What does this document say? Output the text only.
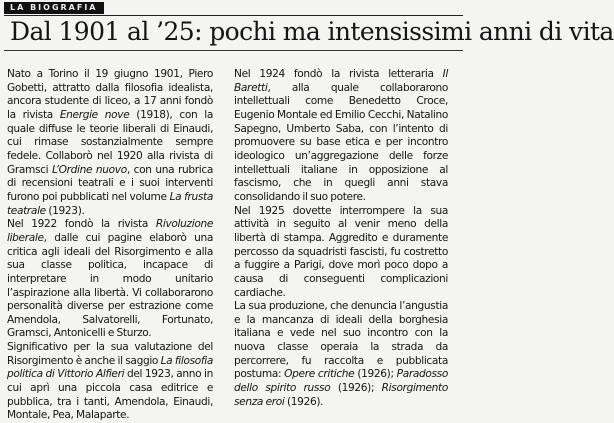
LA BIOGRAFIA
Dal 1901 al ’25: pochi ma intensissimi anni di vita

Nato a Torino il 19 giugno 1901, Piero Gobetti, attratto dalla filosofia idealista, ancora studente di liceo, a 17 anni fondò la rivista Energie nove (1918), con la quale diffuse le teorie liberali di Einaudi, cui rimase sostanzialmente sempre fedele. Collaborò nel 1920 alla rivista di Gramsci L’Ordine nuovo, con una rubrica di recensioni teatrali e i suoi interventi furono poi pubblicati nel volume La frusta teatrale (1923).

Nel 1922 fondò la rivista Rivoluzione liberale, dalle cui pagine elaborò una critica agli ideali del Risorgimento e alla sua classe politica, incapace di interpretare in modo unitario l’aspirazione alla libertà. Vi collaborarono personalità diverse per estrazione come Amendola, Salvatorelli, Fortunato, Gramsci, Antonicelli e Sturzo.

Significativo per la sua valutazione del Risorgimento è anche il saggio La filosofia politica di Vittorio Alfieri del 1923, anno in cui aprì una piccola casa editrice e pubblica, tra i tanti, Amendola, Einaudi, Montale, Pea, Malaparte.

Nel 1924 fondò la rivista letteraria Il Baretti, alla quale collaborarono intellettuali come Benedetto Croce, Eugenio Montale ed Emilio Cecchi, Natalino Sapegno, Umberto Saba, con l’intento di promuovere su base etica e per incontro ideologico un’aggregazione delle forze intellettuali italiane in opposizione al fascismo, che in quegli anni stava consolidando il suo potere.

Nel 1925 dovette interrompere la sua attività in seguito al venir meno della libertà di stampa. Aggredito e duramente percosso da squadristi fascisti, fu costretto a fuggire a Parigi, dove morì poco dopo a causa di conseguenti complicazioni cardiache.

La sua produzione, che denuncia l’angustia e la mancanza di ideali della borghesia italiana e vede nel suo incontro con la nuova classe operaia la strada da percorrere, fu raccolta e pubblicata postuma: Opere critiche (1926); Paradosso dello spirito russo (1926); Risorgimento senza eroi (1926).
